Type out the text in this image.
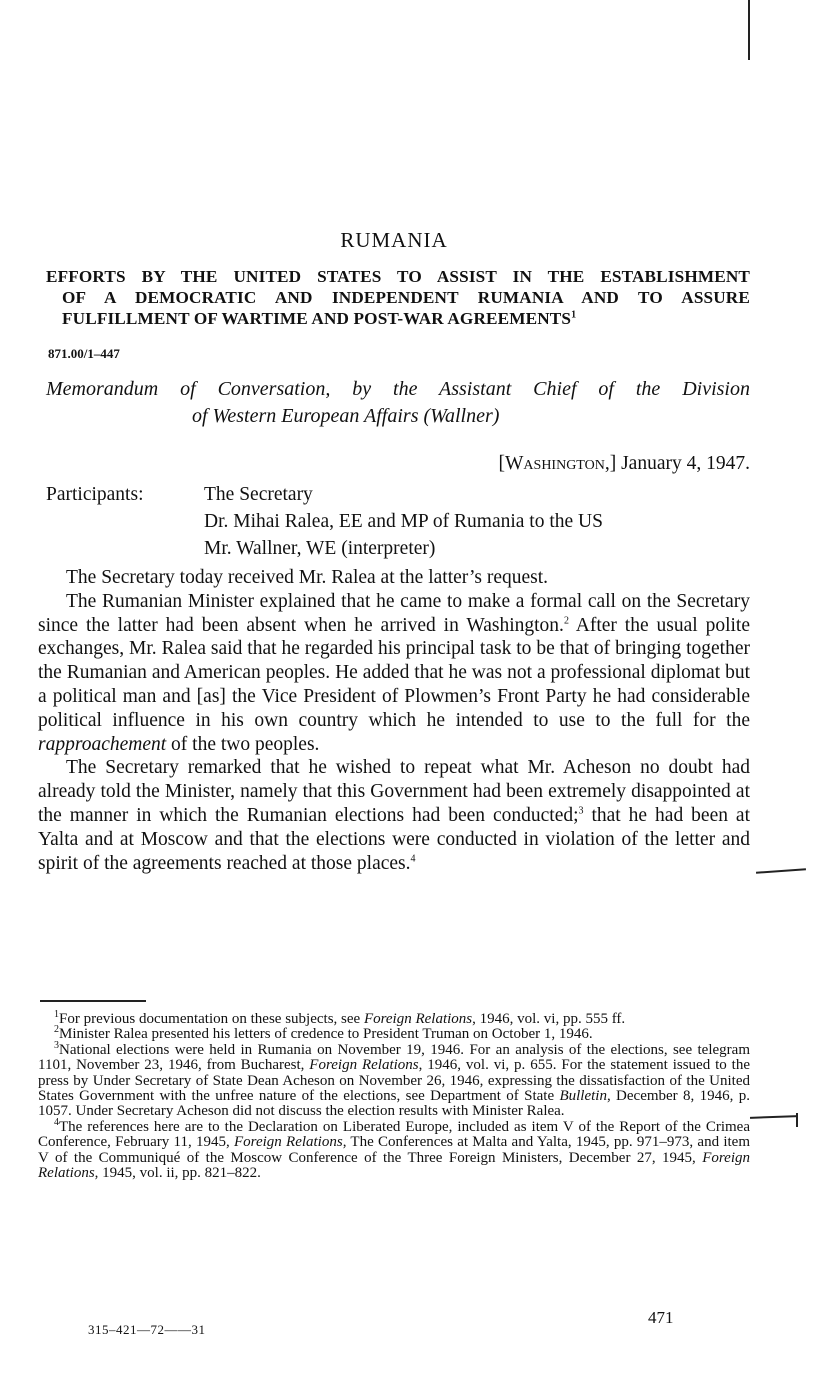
RUMANIA
EFFORTS BY THE UNITED STATES TO ASSIST IN THE ESTABLISHMENT
OF A DEMOCRATIC AND INDEPENDENT RUMANIA AND TO ASSURE
FULFILLMENT OF WARTIME AND POST-WAR AGREEMENTS$^1$
871.00/1–447
Memorandum of Conversation, by the Assistant Chief of the Division
of Western European Affairs (Wallner)
[Washington,] January 4, 1947.
Participants:	The Secretary
Dr. Mihai Ralea, EE and MP of Rumania to the US
Mr. Wallner, WE (interpreter)

The Secretary today received Mr. Ralea at the latter’s request.

The Rumanian Minister explained that he came to make a formal call on the Secretary since the latter had been absent when he arrived in Washington.$^2$ After the usual polite exchanges, Mr. Ralea said that he regarded his principal task to be that of bringing together the Rumanian and American peoples. He added that he was not a professional diplomat but a political man and [as] the Vice President of Plowmen’s Front Party he had considerable political influence in his own country which he intended to use to the full for the rapproachement of the two peoples.

The Secretary remarked that he wished to repeat what Mr. Acheson no doubt had already told the Minister, namely that this Government had been extremely disappointed at the manner in which the Rumanian elections had been conducted;$^3$ that he had been at Yalta and at Moscow and that the elections were conducted in violation of the letter and spirit of the agreements reached at those places.$^4$

$^1$For previous documentation on these subjects, see Foreign Relations, 1946, vol. vi, pp. 555 ff.

$^2$Minister Ralea presented his letters of credence to President Truman on October 1, 1946.

$^3$National elections were held in Rumania on November 19, 1946. For an analysis of the elections, see telegram 1101, November 23, 1946, from Bucharest, Foreign Relations, 1946, vol. vi, p. 655. For the statement issued to the press by Under Secretary of State Dean Acheson on November 26, 1946, expressing the dissatisfaction of the United States Government with the unfree nature of the elections, see Department of State Bulletin, December 8, 1946, p. 1057. Under Secretary Acheson did not discuss the election results with Minister Ralea.

$^4$The references here are to the Declaration on Liberated Europe, included as item V of the Report of the Crimea Conference, February 11, 1945, Foreign Relations, The Conferences at Malta and Yalta, 1945, pp. 971–973, and item V of the Communiqué of the Moscow Conference of the Three Foreign Ministers, December 27, 1945, Foreign Relations, 1945, vol. ii, pp. 821–822.

471
315–421—72——31
